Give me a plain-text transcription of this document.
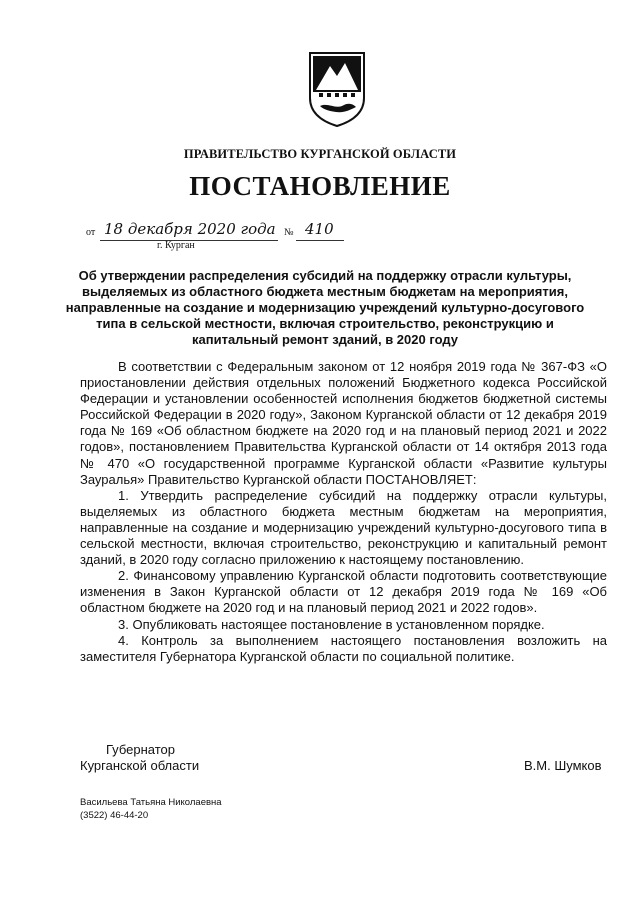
ПРАВИТЕЛЬСТВО КУРГАНСКОЙ ОБЛАСТИ
ПОСТАНОВЛЕНИЕ
от 18 декабря 2020 года № 410
г. Курган
Об утверждении распределения субсидий на поддержку отрасли культуры, выделяемых из областного бюджета местным бюджетам на мероприятия, направленные на создание и модернизацию учреждений культурно-досугового типа в сельской местности, включая строительство, реконструкцию и капитальный ремонт зданий, в 2020 году

В соответствии с Федеральным законом от 12 ноября 2019 года № 367-ФЗ «О приостановлении действия отдельных положений Бюджетного кодекса Российской Федерации и установлении особенностей исполнения бюджетов бюджетной системы Российской Федерации в 2020 году», Законом Курганской области от 12 декабря 2019 года № 169 «Об областном бюджете на 2020 год и на плановый период 2021 и 2022 годов», постановлением Правительства Курганской области от 14 октября 2013 года № 470 «О государственной программе Курганской области «Развитие культуры Зауралья» Правительство Курганской области ПОСТАНОВЛЯЕТ:

1. Утвердить распределение субсидий на поддержку отрасли культуры, выделяемых из областного бюджета местным бюджетам на мероприятия, направленные на создание и модернизацию учреждений культурно-досугового типа в сельской местности, включая строительство, реконструкцию и капитальный ремонт зданий, в 2020 году согласно приложению к настоящему постановлению.

2. Финансовому управлению Курганской области подготовить соответствующие изменения в Закон Курганской области от 12 декабря 2019 года № 169 «Об областном бюджете на 2020 год и на плановый период 2021 и 2022 годов».

3. Опубликовать настоящее постановление в установленном порядке.

4. Контроль за выполнением настоящего постановления возложить на заместителя Губернатора Курганской области по социальной политике.

Губернатор
Курганской области	В.М. Шумков
Васильева Татьяна Николаевна
(3522) 46-44-20
